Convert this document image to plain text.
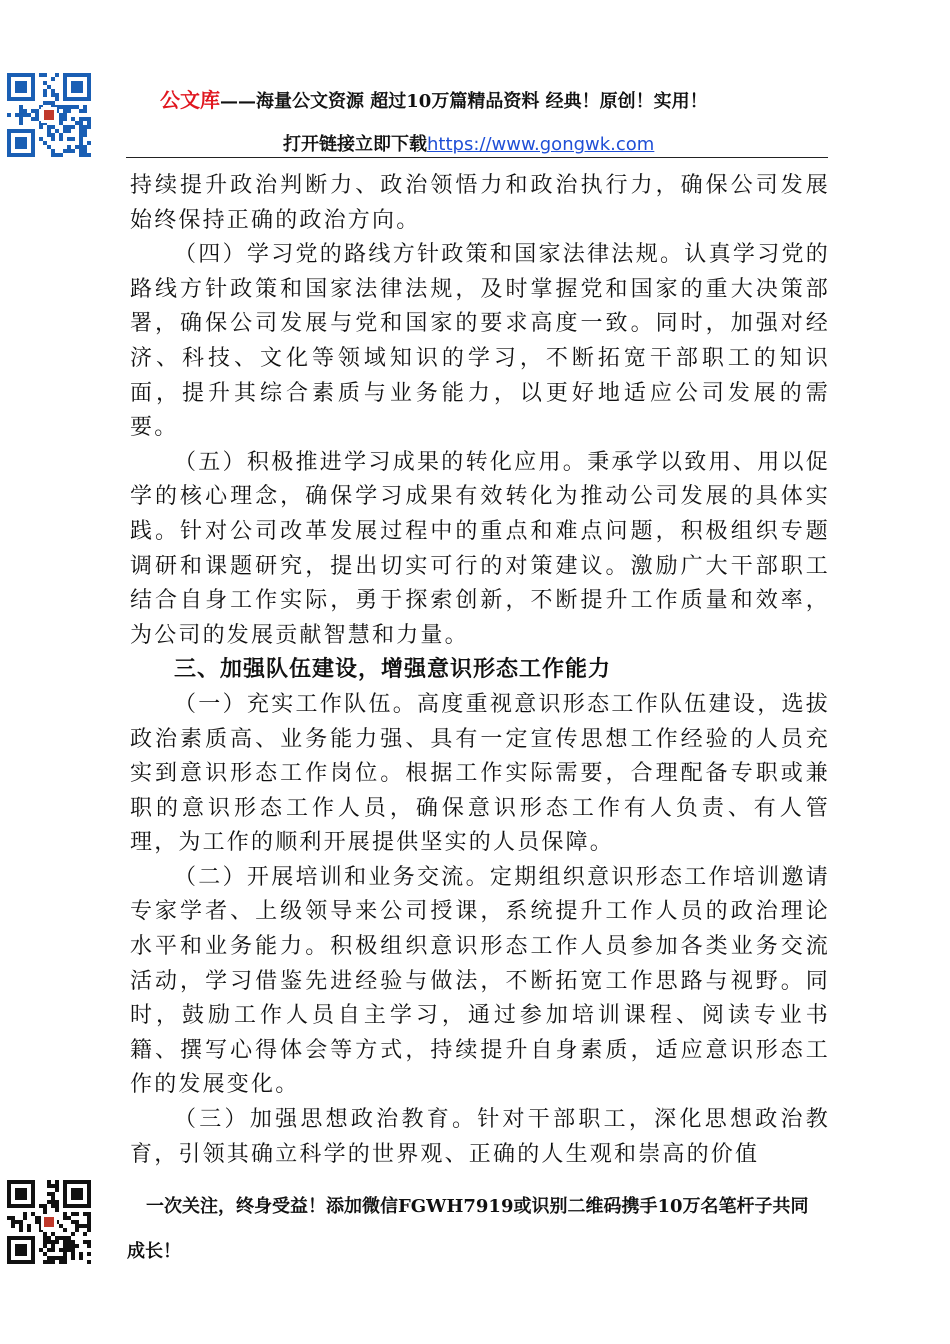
公文库——海量公文资源 超过10万篇精品资料 经典！原创！实用！
打开链接立即下载https://www.gongwk.com

持续提升政治判断力、政治领悟力和政治执行力，确保公司发展始终保持正确的政治方向。

（四）学习党的路线方针政策和国家法律法规。认真学习党的路线方针政策和国家法律法规，及时掌握党和国家的重大决策部署，确保公司发展与党和国家的要求高度一致。同时，加强对经济、科技、文化等领域知识的学习，不断拓宽干部职工的知识面，提升其综合素质与业务能力，以更好地适应公司发展的需要。

（五）积极推进学习成果的转化应用。秉承学以致用、用以促学的核心理念，确保学习成果有效转化为推动公司发展的具体实践。针对公司改革发展过程中的重点和难点问题，积极组织专题调研和课题研究，提出切实可行的对策建议。激励广大干部职工结合自身工作实际，勇于探索创新，不断提升工作质量和效率，为公司的发展贡献智慧和力量。

三、加强队伍建设，增强意识形态工作能力

（一）充实工作队伍。高度重视意识形态工作队伍建设，选拔政治素质高、业务能力强、具有一定宣传思想工作经验的人员充实到意识形态工作岗位。根据工作实际需要，合理配备专职或兼职的意识形态工作人员，确保意识形态工作有人负责、有人管理，为工作的顺利开展提供坚实的人员保障。

（二）开展培训和业务交流。定期组织意识形态工作培训邀请专家学者、上级领导来公司授课，系统提升工作人员的政治理论水平和业务能力。积极组织意识形态工作人员参加各类业务交流活动，学习借鉴先进经验与做法，不断拓宽工作思路与视野。同时，鼓励工作人员自主学习，通过参加培训课程、阅读专业书籍、撰写心得体会等方式，持续提升自身素质，适应意识形态工作的发展变化。

（三）加强思想政治教育。针对干部职工，深化思想政治教育，引领其确立科学的世界观、正确的人生观和崇高的价值

一次关注，终身受益！添加微信FGWH7919或识别二维码携手10万名笔杆子共同
成长！
